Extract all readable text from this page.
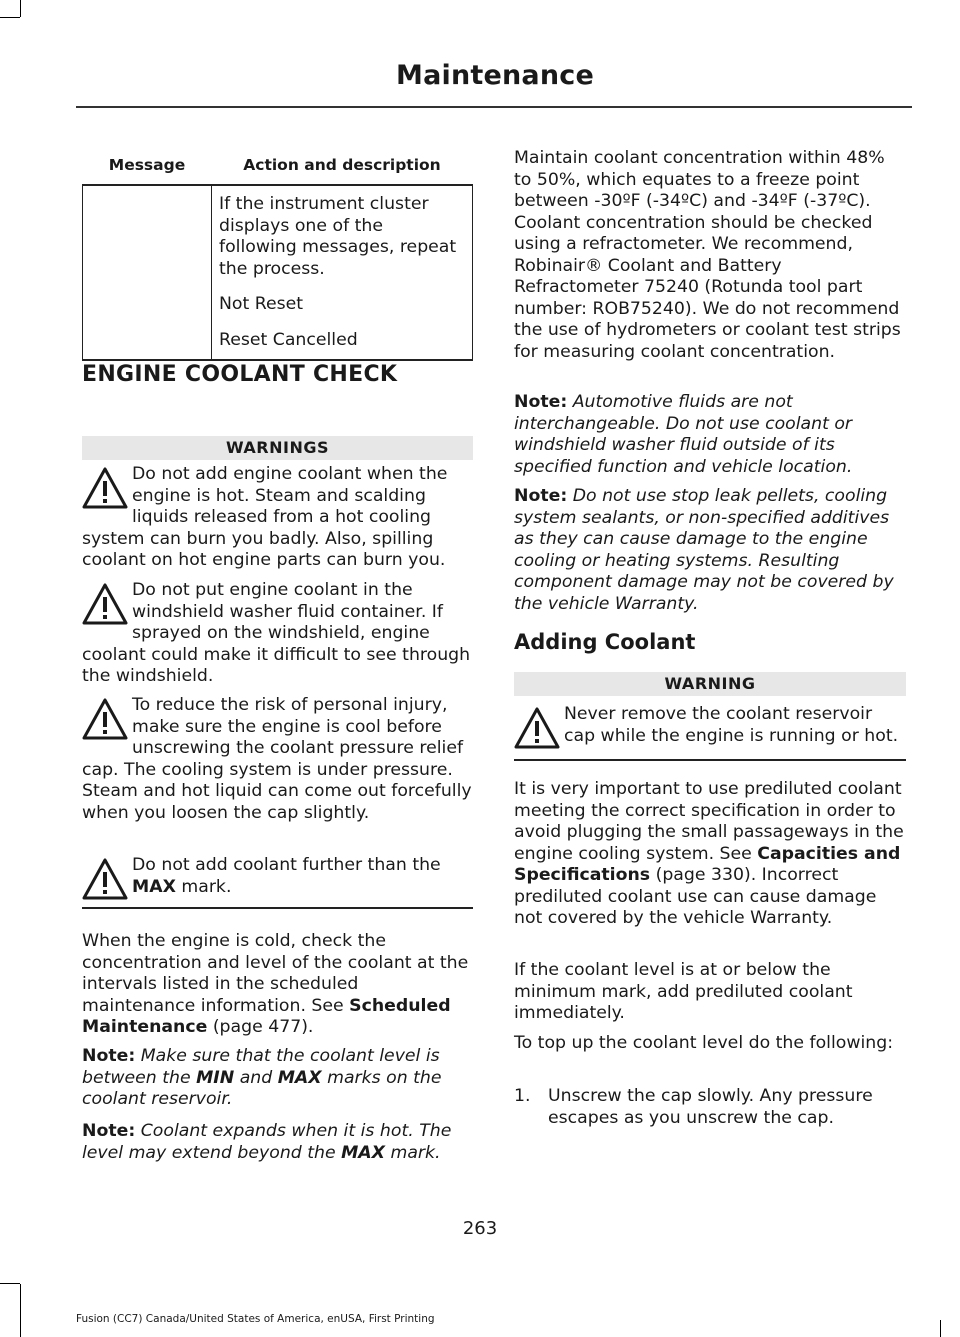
Maintenance
Message	Action and description

	If the instrument cluster displays one of the following messages, repeat the process.

Not Reset

Reset Cancelled

ENGINE COOLANT CHECK
WARNINGS

Do not add engine coolant when the engine is hot. Steam and scalding liquids released from a hot cooling system can burn you badly. Also, spilling coolant on hot engine parts can burn you.

Do not put engine coolant in the windshield washer fluid container. If sprayed on the windshield, engine coolant could make it difficult to see through the windshield.

To reduce the risk of personal injury, make sure the engine is cool before unscrewing the coolant pressure relief cap. The cooling system is under pressure. Steam and hot liquid can come out forcefully when you loosen the cap slightly.

Do not add coolant further than the MAX mark.

When the engine is cold, check the concentration and level of the coolant at the intervals listed in the scheduled maintenance information. See Scheduled Maintenance (page 477).

Note: Make sure that the coolant level is between the MIN and MAX marks on the coolant reservoir.

Note: Coolant expands when it is hot. The level may extend beyond the MAX mark.

Maintain coolant concentration within 48% to 50%, which equates to a freeze point between -30ºF (-34ºC) and -34ºF (-37ºC). Coolant concentration should be checked using a refractometer. We recommend, Robinair® Coolant and Battery Refractometer 75240 (Rotunda tool part number: ROB75240). We do not recommend the use of hydrometers or coolant test strips for measuring coolant concentration.

Note: Automotive fluids are not interchangeable. Do not use coolant or windshield washer fluid outside of its specified function and vehicle location.

Note: Do not use stop leak pellets, cooling system sealants, or non-specified additives as they can cause damage to the engine cooling or heating systems. Resulting component damage may not be covered by the vehicle Warranty.

Adding Coolant
WARNING

Never remove the coolant reservoir cap while the engine is running or hot.

It is very important to use prediluted coolant meeting the correct specification in order to avoid plugging the small passageways in the engine cooling system. See Capacities and Specifications (page 330). Incorrect prediluted coolant use can cause damage not covered by the vehicle Warranty.

If the coolant level is at or below the minimum mark, add prediluted coolant immediately.

To top up the coolant level do the following:

1. Unscrew the cap slowly. Any pressure escapes as you unscrew the cap.
263
Fusion (CC7) Canada/United States of America, enUSA, First Printing
